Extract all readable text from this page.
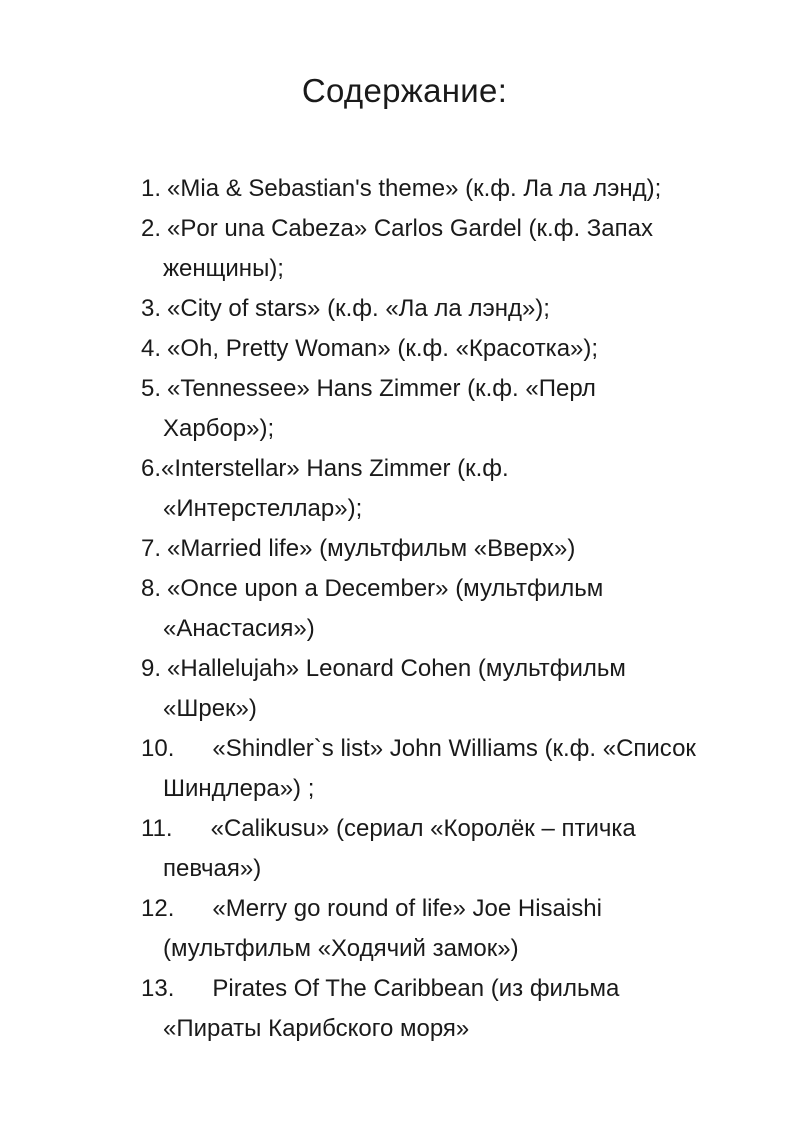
Содержание:
1. «Mia & Sebastian's theme» (к.ф. Ла ла лэнд);
2. «Por una Cabeza» Carlos Gardel (к.ф. Запах
женщины);
3. «City of stars» (к.ф. «Ла ла лэнд»);
4. «Oh, Pretty Woman» (к.ф. «Красотка»);
5. «Tennessee» Hans Zimmer (к.ф. «Перл
Харбор»);
6.«Interstellar» Hans Zimmer (к.ф.
«Интерстеллар»);
7. «Married life» (мультфильм «Вверх»)
8. «Once upon a December» (мультфильм
«Анастасия»)
9. «Hallelujah» Leonard Cohen (мультфильм
«Шрек»)
10. «Shindler`s list» John Williams (к.ф. «Список
Шиндлера») ;
11. «Calikusu» (сериал «Королёк – птичка
певчая»)
12. «Merry go round of life» Joe Hisaishi
(мультфильм «Ходячий замок»)
13. Pirates Of The Caribbean (из фильма
«Пираты Карибского моря»
